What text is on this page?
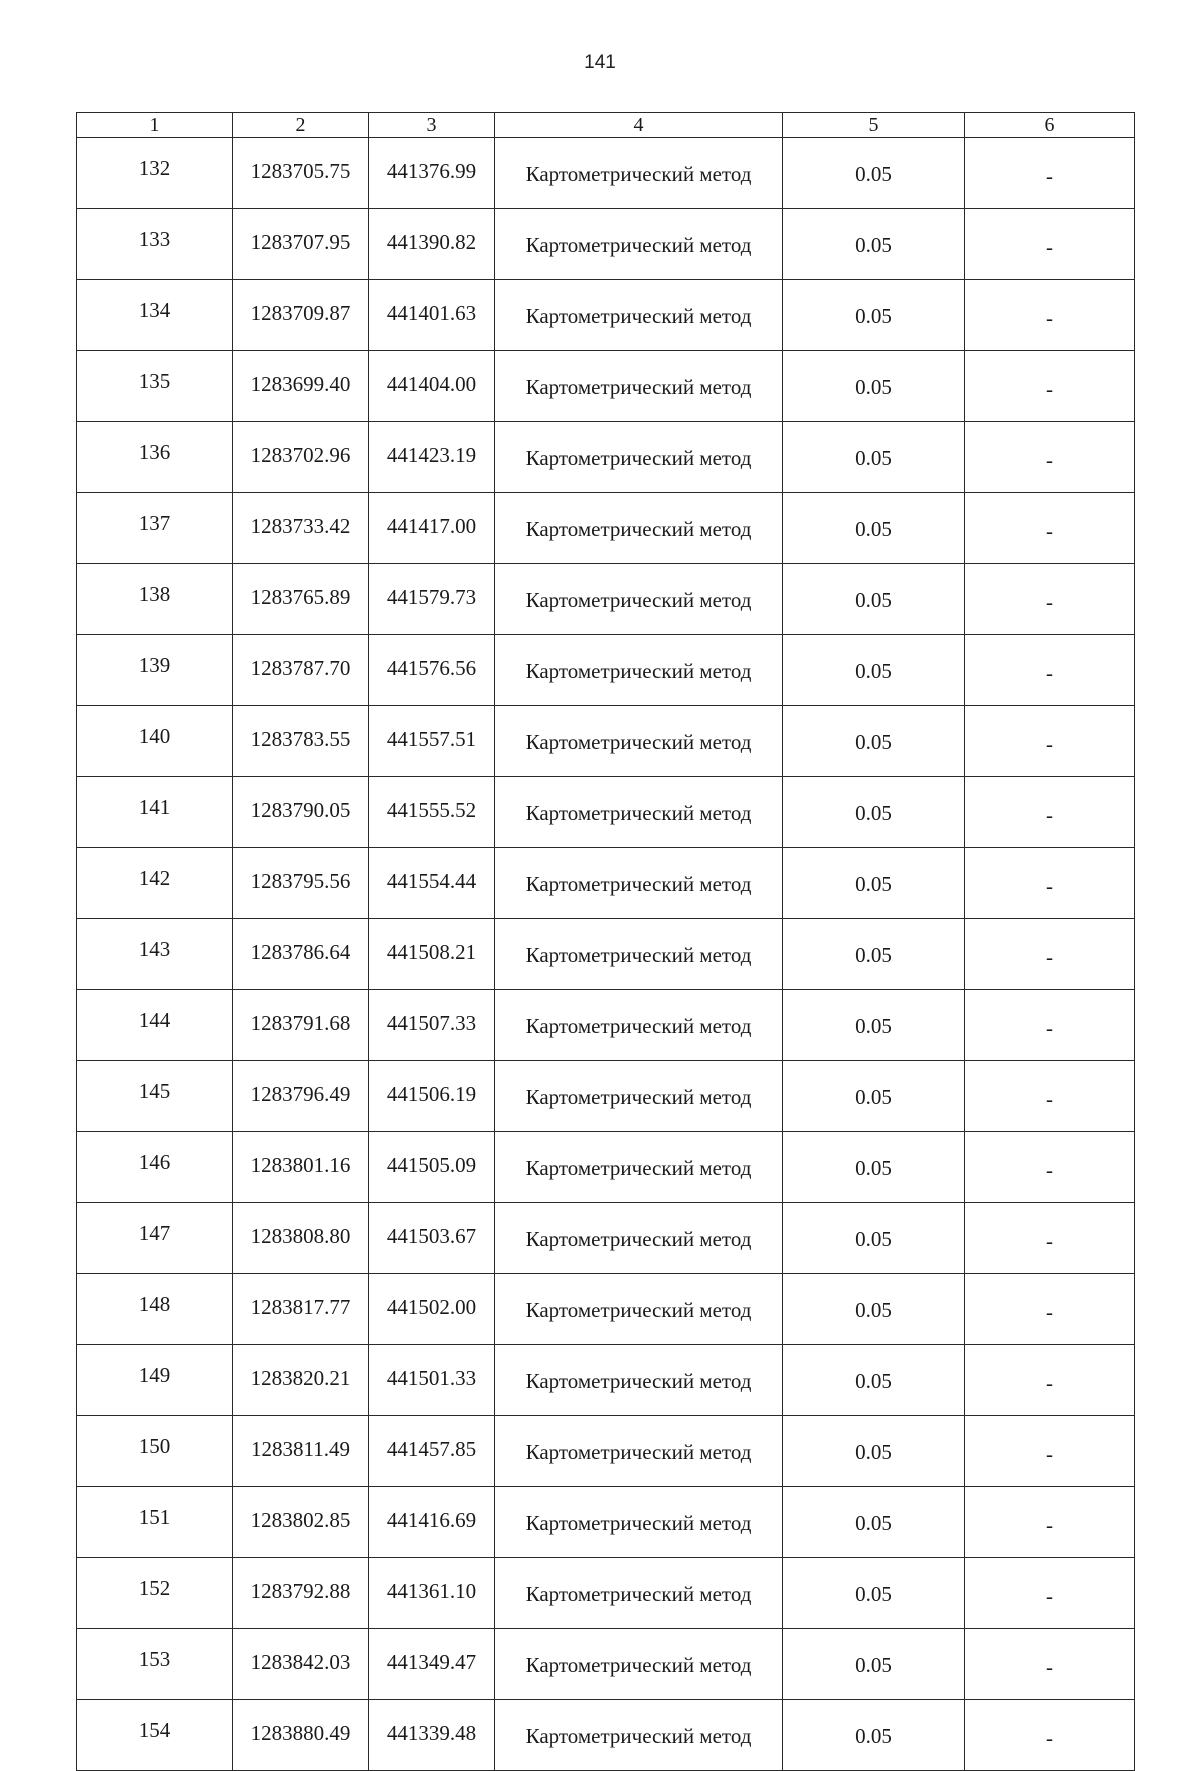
141
1	2	3	4	5	6
132	1283705.75	441376.99	Картометрический метод	0.05	-
133	1283707.95	441390.82	Картометрический метод	0.05	-
134	1283709.87	441401.63	Картометрический метод	0.05	-
135	1283699.40	441404.00	Картометрический метод	0.05	-
136	1283702.96	441423.19	Картометрический метод	0.05	-
137	1283733.42	441417.00	Картометрический метод	0.05	-
138	1283765.89	441579.73	Картометрический метод	0.05	-
139	1283787.70	441576.56	Картометрический метод	0.05	-
140	1283783.55	441557.51	Картометрический метод	0.05	-
141	1283790.05	441555.52	Картометрический метод	0.05	-
142	1283795.56	441554.44	Картометрический метод	0.05	-
143	1283786.64	441508.21	Картометрический метод	0.05	-
144	1283791.68	441507.33	Картометрический метод	0.05	-
145	1283796.49	441506.19	Картометрический метод	0.05	-
146	1283801.16	441505.09	Картометрический метод	0.05	-
147	1283808.80	441503.67	Картометрический метод	0.05	-
148	1283817.77	441502.00	Картометрический метод	0.05	-
149	1283820.21	441501.33	Картометрический метод	0.05	-
150	1283811.49	441457.85	Картометрический метод	0.05	-
151	1283802.85	441416.69	Картометрический метод	0.05	-
152	1283792.88	441361.10	Картометрический метод	0.05	-
153	1283842.03	441349.47	Картометрический метод	0.05	-
154	1283880.49	441339.48	Картометрический метод	0.05	-
